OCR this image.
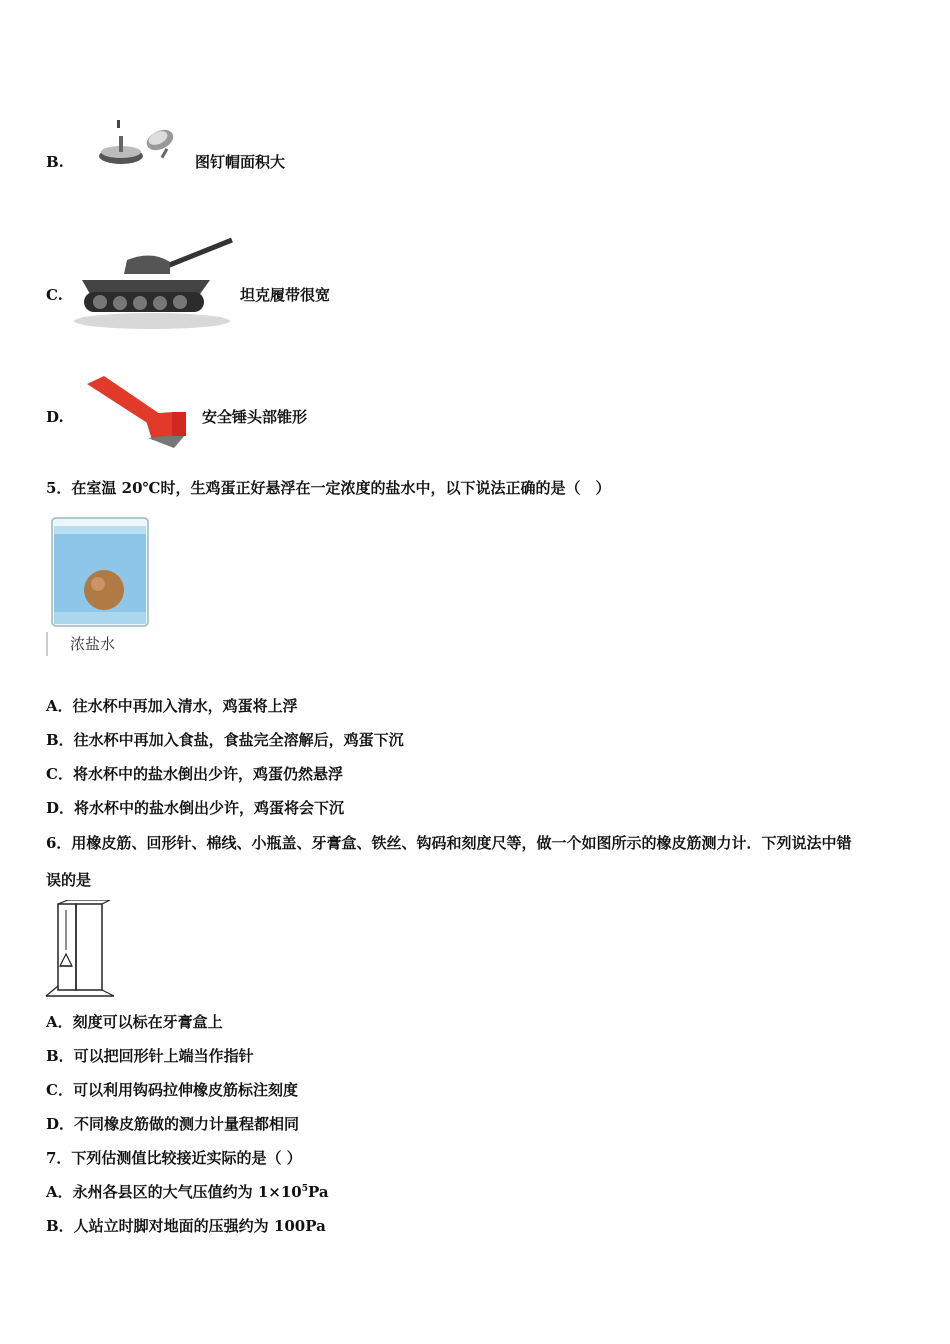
B.	图钉帽面积大
C.	坦克履带很宽
D.	安全锤头部锥形
5．在室温 20℃时，生鸡蛋正好悬浮在一定浓度的盐水中，以下说法正确的是（　）
浓盐水
A．往水杯中再加入清水，鸡蛋将上浮
B．往水杯中再加入食盐，食盐完全溶解后，鸡蛋下沉
C．将水杯中的盐水倒出少许，鸡蛋仍然悬浮
D．将水杯中的盐水倒出少许，鸡蛋将会下沉
6．用橡皮筋、回形针、棉线、小瓶盖、牙膏盒、铁丝、钩码和刻度尺等，做一个如图所示的橡皮筋测力计．下列说法中错
误的是
A．刻度可以标在牙膏盒上
B．可以把回形针上端当作指针
C．可以利用钩码拉伸橡皮筋标注刻度
D．不同橡皮筋做的测力计量程都相同
7．下列估测值比较接近实际的是（ ）
A．永州各县区的大气压值约为 $1\times 10^5Pa$
B．人站立时脚对地面的压强约为 100Pa
